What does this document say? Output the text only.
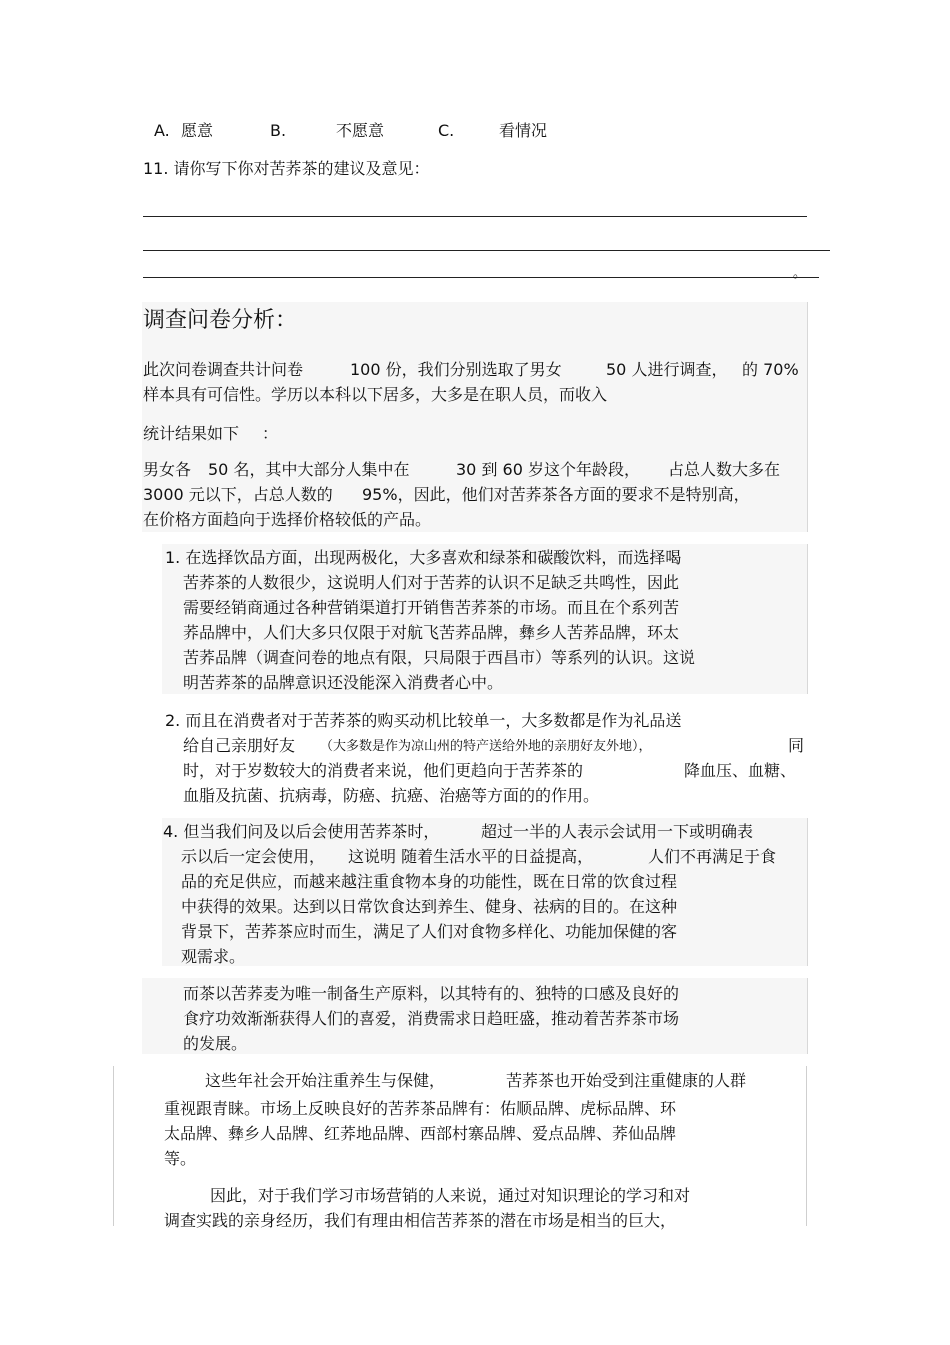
A. 愿意	B.	不愿意	C.	看情况
11. 请你写下你对苦荞茶的建议及意见：
。
调查问卷分析：
此次问卷调查共计问卷	100 份，我们分别选取了男女	50 人进行调查， 的 70%
样本具有可信性。学历以本科以下居多，大多是在职人员，而收入
统计结果如下 ：
男女各 50 名，其中大部分人集中在	30 到 60 岁这个年龄段， 占总人数大多在
3000 元以下，占总人数的 95%，因此，他们对苦荞茶各方面的要求不是特别高，
在价格方面趋向于选择价格较低的产品。
1. 在选择饮品方面，出现两极化，大多喜欢和绿茶和碳酸饮料，而选择喝
苦荞茶的人数很少，这说明人们对于苦荞的认识不足缺乏共鸣性，因此
需要经销商通过各种营销渠道打开销售苦荞茶的市场。而且在个系列苦
荞品牌中，人们大多只仅限于对航飞苦荞品牌，彝乡人苦荞品牌，环太
苦荞品牌（调查问卷的地点有限，只局限于西昌市）等系列的认识。这说
明苦荞茶的品牌意识还没能深入消费者心中。
2. 而且在消费者对于苦荞茶的购买动机比较单一，大多数都是作为礼品送
给自己亲朋好友 （大多数是作为凉山州的特产送给外地的亲朋好友外地），	同
时，对于岁数较大的消费者来说，他们更趋向于苦荞茶的	降血压、血糖、
血脂及抗菌、抗病毒，防癌、抗癌、治癌等方面的的作用。
4. 但当我们问及以后会使用苦荞茶时，	超过一半的人表示会试用一下或明确表
示以后一定会使用， 这说明 随着生活水平的日益提高，	人们不再满足于食
品的充足供应，而越来越注重食物本身的功能性，既在日常的饮食过程
中获得的效果。达到以日常饮食达到养生、健身、祛病的目的。在这种
背景下，苦荞茶应时而生，满足了人们对食物多样化、功能加保健的客
观需求。
而茶以苦荞麦为唯一制备生产原料，以其特有的、独特的口感及良好的
食疗功效渐渐获得人们的喜爱，消费需求日趋旺盛，推动着苦荞茶市场
的发展。
这些年社会开始注重养生与保健，	苦荞茶也开始受到注重健康的人群
重视跟青睐。市场上反映良好的苦荞茶品牌有：佑顺品牌、虎标品牌、环
太品牌、彝乡人品牌、红荞地品牌、西部村寨品牌、爱点品牌、荞仙品牌
等。
因此，对于我们学习市场营销的人来说，通过对知识理论的学习和对
调查实践的亲身经历，我们有理由相信苦荞茶的潜在市场是相当的巨大，
